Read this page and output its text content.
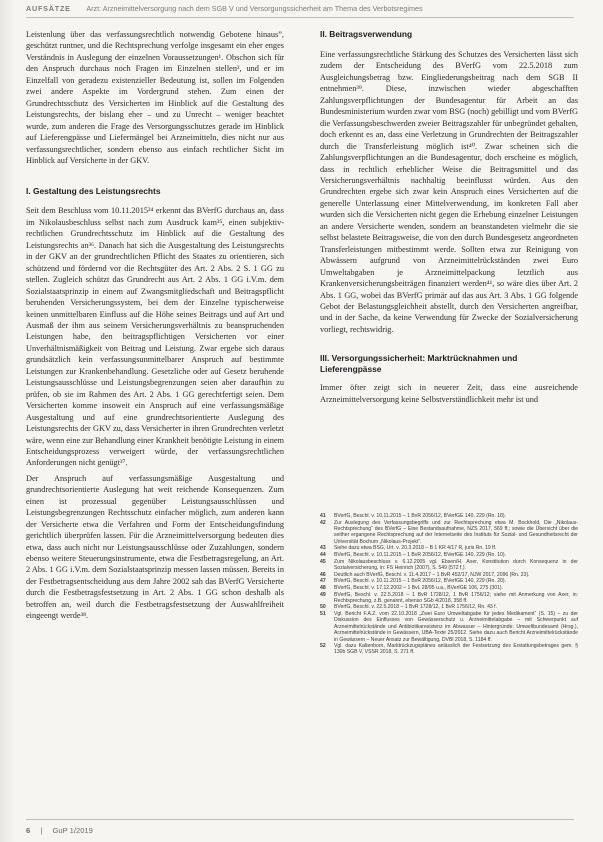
AUFSÄTZE Arzt: Arzneimittelversorgung nach dem SGB V und Versorgungssicherheit am Thema des Verbotsregimes

Leistenlung über das verfassungsrechtlich notwendig Gebotene hinaus”, geschützt runtner, und die Rechtsprechung verfolge insgesamt ein eher enges Verständnis in Auslegung der einzelnen Voraussetzungen¹. Obschon sich für den Anspruch durchaus noch Fragen im Einzelnen stellen², und er im Einzelfall von geradezu existenzieller Bedeutung ist, sollen im Folgenden zwei andere Aspekte im Vordergrund stehen. Zum einen der Grundrechtsschutz des Versicherten im Hinblick auf die Gestaltung des Leistungsrechts, der bislang eher – und zu Unrecht – weniger beachtet wurde, zum anderen die Frage des Versorgungsschutzes gerade im Hinblick auf Lieferengpässe und Liefermängel bei Arzneimitteln, dies nicht nur aus verfassungsrechtlicher, sondern ebenso aus einfach rechtlicher Sicht im Hinblick auf Versicherte in der GKV.

I. Gestaltung des Leistungsrechts

Seit dem Beschluss vom 10.11.2015³⁴ erkennt das BVerfG durchaus an, dass im Nikolausbeschluss selbst nach zum Ausdruck kam³⁵, einen subjektiv-rechtlichen Grundrechtsschutz im Hinblick auf die Gestaltung des Leistungsrechts an³⁶. Danach hat sich die Ausgestaltung des Leistungsrechts in der GKV an der grundrechtlichen Pflicht des Staates zu orientieren, sich schützend und fördernd vor die Rechtsgüter des Art. 2 Abs. 2 S. 1 GG zu stellen. Zugleich schützt das Grundrecht aus Art. 2 Abs. 1 GG i.V.m. dem Sozialstaatsprinzip in einem auf Zwangsmitgliedschaft und Beitragspflicht beruhenden Versicherungssystem, bei dem der Einzelne typischerweise keinen unmittelbaren Einfluss auf die Höhe seines Beitrags und auf Art und Ausmaß der ihm aus seinem Versicherungsverhältnis zu beanspruchenden Leistungen habe, den beitragspflichtigen Versicherten vor einer Unverhältnismäßigkeit von Beitrag und Leistung. Zwar ergebe sich daraus grundsätzlich kein verfassungsunmittelbarer Anspruch auf bestimmte Leistungen zur Krankenbehandlung. Gesetzliche oder auf Gesetz beruhende Leistungsausschlüsse und Leistungsbegrenzungen seien aber daraufhin zu prüfen, ob sie im Rahmen des Art. 2 Abs. 1 GG gerechtfertigt seien. Dem Versicherten komme insoweit ein Anspruch auf eine verfassungsmäßige Ausgestaltung und auf eine grundrechtsorientierte Auslegung des Leistungsrechts der GKV zu, dass Versicherter in ihren Grundrechten verletzt wäre, wenn eine zur Behandlung einer Krankheit benötigte Leistung in einem Entscheidungsprozess verweigert würde, der verfassungsrechtlichen Anforderungen nicht genügt³⁷.

Der Anspruch auf verfassungsmäßige Ausgestaltung und grundrechtsorientierte Auslegung hat weit reichende Konsequenzen. Zum einen ist prozessual gegenüber Leistungsausschlüssen und Leistungsbegrenzungen Rechtsschutz einfacher möglich, zum anderen kann der Versicherte etwa die Verfahren und Form der Entscheidungsfindung gerichtlich überprüfen lassen. Für die Arzneimittelversorgung bedeuten dies etwa, dass auch nicht nur Leistungsausschlüsse oder Zuzahlungen, sondern ebenso weitere Steuerungsinstrumente, etwa die Festbetragsregelung, an Art. 2 Abs. 1 GG i.V.m. dem Sozialstaatsprinzip messen lassen müssen. Bereits in der Festbetragsentscheidung aus dem Jahre 2002 sah das BVerfG Versicherte durch die Festbetragsfestsetzung in Art. 2 Abs. 1 GG schon deshalb als betroffen an, weil durch die Festbetragsfestsetzung der Auswahlfreiheit eingeengt werde³⁸.

II. Beitragsverwendung

Eine verfassungsrechtliche Stärkung des Schutzes des Versicherten lässt sich zudem der Entscheidung des BVerfG vom 22.5.2018 zum Ausgleichungsbetrag bzw. Eingliederungsbeitrag nach dem SGB II entnehmen³⁹. Diese, inzwischen wieder abgeschafften Zahlungsverpflichtungen der Bundesagentur für Arbeit an das Bundesministerium wurden zwar vom BSG (noch) gebilligt und vom BVerfG die Verfassungsbeschwerden zweier Beitragszahler für unbegründet gehalten, doch erkennt es an, dass eine Verletzung in Grundrechten der Beitragszahler durch die Transferleistung möglich ist⁴⁰. Zwar scheinen sich die Zahlungsverpflichtungen an die Bundesagentur, doch erscheine es möglich, dass in rechtlich erheblicher Weise die Beitragsmittel und das Versicherungsverhältnis nachhaltig beeinflusst würden. Aus den Grundrechten ergebe sich zwar kein Anspruch eines Versicherten auf die generelle Unterlassung einer Mittelverwendung, im konkreten Fall aber wurden sich die Versicherten nicht gegen die Erhebung einzelner Leistungen an andere Versicherte wenden, sondern an beanstandeten vielmehr die sie selbst belastete Beitragsweise, die von den durch Bundesgesetz angeordneten Transferleistungen mitbestimmt werde. Sollten etwa zur Reinigung von Abwässern aufgrund von Arzneimittelrückständen zwei Euro Umweltabgaben je Arzneimittelpackung letztlich aus Krankenversicherungsbeiträgen finanziert werden⁴¹, so wäre dies über Art. 2 Abs. 1 GG, wobei das BVerfG primär auf das aus Art. 3 Abs. 1 GG folgende Gebot der Belastungsgleichheit abstellt, durch den Versicherten angreifbar, und in der Sache, da keine Verwendung für Zwecke der Sozialversicherung vorliegt, rechtswidrig.

III. Versorgungssicherheit: Marktrücknahmen und Lieferengpässe

Immer öfter zeigt sich in neuerer Zeit, dass eine ausreichende Arzneimittelversorgung keine Selbstverständlichkeit mehr ist und

41	BVerfG, Beschl. v. 10.11.2015 – 1 BvR 2056/12, BVerfGE 140, 229 (Rn. 18).
42	Zur Auslegung des Verfassungsbegriffs und zur Rechtsprechung etwa M. Bockhold, Die „Nikolaus-Rechtsprechung“ des BVerfG – Eine Bestandsaufnahme, NZS 2017, 569 ff.; sowie die Übersicht über die seither ergangene Rechtsprechung auf der Internetseite des Instituts für Sozial- und Gesundheitsrecht der Universität Bochum „Nikolaus-Projekt“.
43	Siehe dazu etwa BSG, Urt. v. 20.3.2018 – B 1 KR 4/17 R, juris Rn. 19 ff.
44	BVerfG, Beschl. v. 10.11.2015 – 1 BvR 2056/12, BVerfGE 140, 229 (Rn. 10).
45	Zum Nikolausbeschluss v. 6.12.2005 vgl. Ebsen/H. Axer, Konstitution durch Konsequenz in der Sozialversicherung, in: FS Heinrich (2007), S. 549 (572 f.).
46	Deutlich auch BVerfG, Beschl. v. 11.4.2017 – 1 BvR 452/17, NJW 2017, 2096 (Rn. 23).
47	BVerfG, Beschl. v. 10.11.2015 – 1 BvR 2056/12, BVerfGE 140, 229 (Rn. 20).
48	BVerfG, Beschl. v. 17.12.2002 – 1 BvL 28/95 u.a., BVerfGE 106, 275 (301).
49	BVerfG, Beschl. v. 22.5.2018 – 1 BvR 1728/12, 1 BvR 1756/12; siehe mit Anmerkung von Axer, in: Rechtsprechung, z.B. genannt, ebenso SGb 4/2018, 358 ff.
50	BVerfG, Beschl. v. 22.5.2018 – 1 BvR 1728/12, 1 BvR 1756/12, Rn. 43 f.
51	Vgl. Bericht F.A.Z. vom 22.10.2018 „Zwei Euro Umweltabgabe für jedes Medikament“ (S. 15) – zu der Diskussion des Einflusses von Gewässerschutz u. Arzneimittelabgabe – mit Schwerpunkt auf Arzneimittelrückstände und Antibiotikaresistenz im Abwasser – Hintergründe: Umweltbundesamt (Hrsg.), Arzneimittelrückstände in Gewässern, UBA-Texte 25/2012. Siehe dazu auch Bericht Arzneimittelrückstände in Gewässern – Neuer Ansatz zur Bewältigung, DVBl 2018, S. 1184 ff.
52	Vgl. dazu Kaltenborn, Marktrückzugsplänes anlässlich der Festsetzung des Erstattungsbetrages gem. § 130b SGB V, VSSR 2018, S. 271 ff.
6 | GuP 1/2019
